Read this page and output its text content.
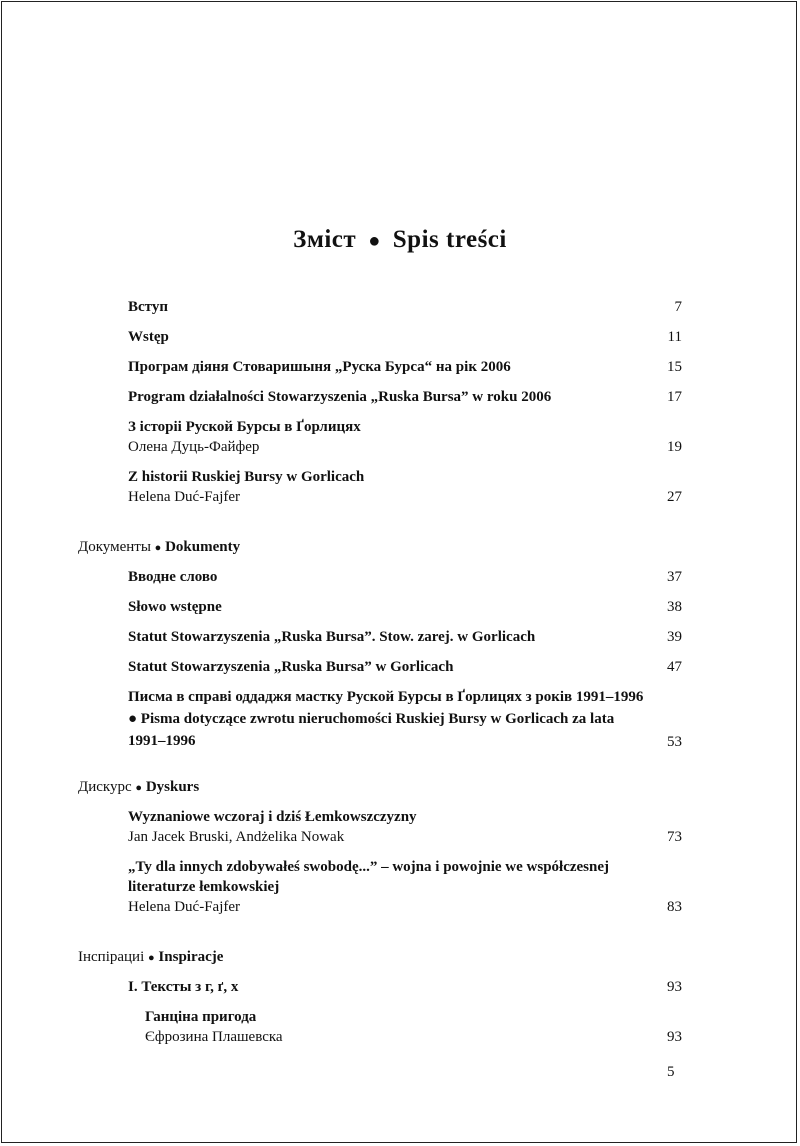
Зміст ● Spis treści
Вступ	7
Wstęp	11
Програм діяня Стоваришыня „Руска Бурса“ на рік 2006	15
Program działalności Stowarzyszenia „Ruska Bursa” w roku 2006	17
З історіі Руской Бурсы в Ґорлицях
Олена Дуць-Файфер	19
Z historii Ruskiej Bursy w Gorlicach
Helena Duć-Fajfer	27
Документы ● Dokumenty
Вводне слово	37
Słowo wstępne	38
Statut Stowarzyszenia „Ruska Bursa”. Stow. zarej. w Gorlicach	39
Statut Stowarzyszenia „Ruska Bursa” w Gorlicach	47
Писма в справі оддаджя мастку Руской Бурсы в Ґорлицях з років 1991–1996 ● Pisma dotyczące zwrotu nieruchomości Ruskiej Bursy w Gorlicach za lata 1991–1996	53
Дискурс ● Dyskurs
Wyznaniowe wczoraj i dziś Łemkowszczyzny
Jan Jacek Bruski, Andżelika Nowak	73
„Ty dla innych zdobywałeś swobodę...” – wojna i powojnie we współczesnej literaturze łemkowskiej
Helena Duć-Fajfer	83
Інспірациі ● Inspiracje
І. Тексты з г, ґ, х	93
Ганціна пригода
Єфрозина Плашевска	93
5
